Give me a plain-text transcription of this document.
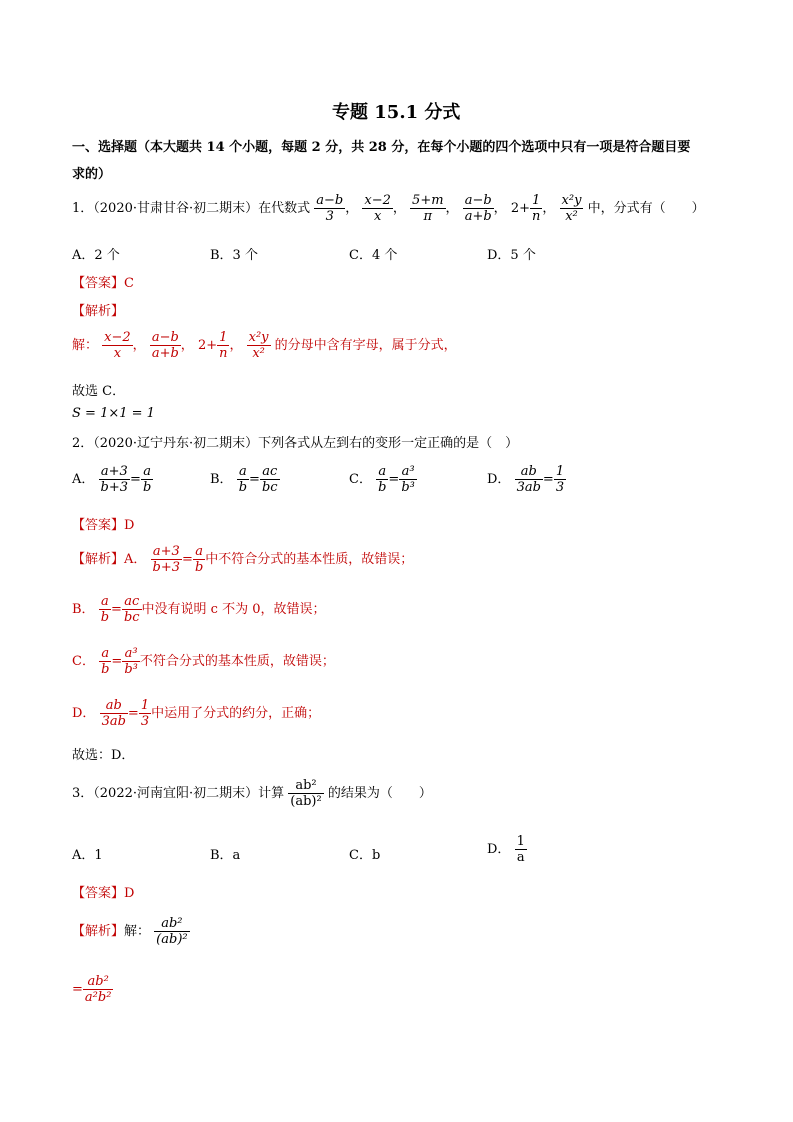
专题 15.1 分式
一、选择题（本大题共 14 个小题，每题 2 分，共 28 分，在每个小题的四个选项中只有一项是符合题目要
求的）
1．（2020·甘肃甘谷·初二期末）在代数式 $\frac{a-b}{3}$ ， $\frac{x-2}{x}$ ， $\frac{5+m}{\pi}$ ， $\frac{a-b}{a+b}$ ， $2+ \frac{1}{n}$ ， $\frac{\text{x²y}}{\text{x²}}$ 中，分式有（　　）
A．2 个	B．3 个	C．4 个	D．5 个
【答案】C
【解析】
解： $\frac{x-2}{x}$ ， $\frac{a-b}{a+b}$ ， $2+ \frac{1}{n}$ ， $\frac{\text{x²y}}{\text{x²}}$ 的分母中含有字母，属于分式，
故选 C．
S = 1×1 = 1
2．（2020·辽宁丹东·初二期末）下列各式从左到右的变形一定正确的是（　）
A． $\frac{a+3}{b+3} = \frac{a}{b}$	B． $\frac{a}{b} = \frac{ac}{bc}$	C． $\frac{a}{b} = \frac{\text{a³}}{\text{b³}}$	D． $\frac{ab}{3ab} = \frac{1}{3}$
【答案】D
【解析】A． $\frac{a+3}{b+3} = \frac{a}{b}$ 中不符合分式的基本性质，故错误；
B． $\frac{a}{b} = \frac{ac}{bc}$ 中没有说明 c 不为 0，故错误；
C． $\frac{a}{b} = \frac{\text{a³}}{\text{b³}}$ 不符合分式的基本性质，故错误；
D． $\frac{ab}{3ab} = \frac{1}{3}$ 中运用了分式的约分，正确；
故选：D．
3．（2022·河南宜阳·初二期末）计算 $\frac{\text{ab²}}{\text{(ab)²}}$ 的结果为（　　）
A．1	B．a	C．b	D． $\frac{1}{a}$
【答案】D
【解析】解： $\frac{\text{ab²}}{\text{(ab)²}}$
= $\frac{\text{ab²}}{\text{a²b²}}$
